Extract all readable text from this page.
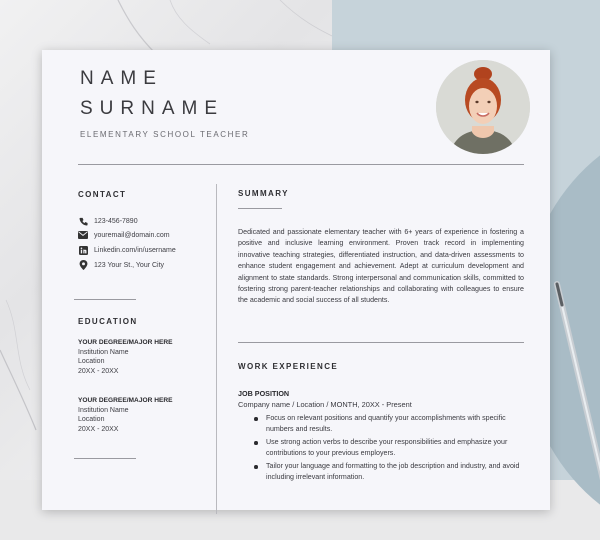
NAME
SURNAME
ELEMENTARY SCHOOL TEACHER
CONTACT
123-456-7890
youremail@domain.com
Linkedin.com/in/username
123 Your St., Your City
EDUCATION
YOUR DEGREE/MAJOR HERE
Institution Name
Location
20XX - 20XX
YOUR DEGREE/MAJOR HERE
Institution Name
Location
20XX - 20XX
SUMMARY
Dedicated and passionate elementary teacher with 6+ years of experience in fostering a positive and inclusive learning environment. Proven track record in implementing innovative teaching strategies, differentiated instruction, and data-driven assessments to enhance student engagement and achievement. Adept at curriculum development and alignment to state standards. Strong interpersonal and communication skills, committed to fostering strong parent-teacher relationships and collaborating with colleagues to ensure the academic and social success of all students.
WORK EXPERIENCE
JOB POSITION
Company name / Location / MONTH, 20XX - Present
Focus on relevant positions and quantify your accomplishments with specific numbers and results.
Use strong action verbs to describe your responsibilities and emphasize your contributions to your previous employers.
Tailor your language and formatting to the job description and industry, and avoid including irrelevant information.
